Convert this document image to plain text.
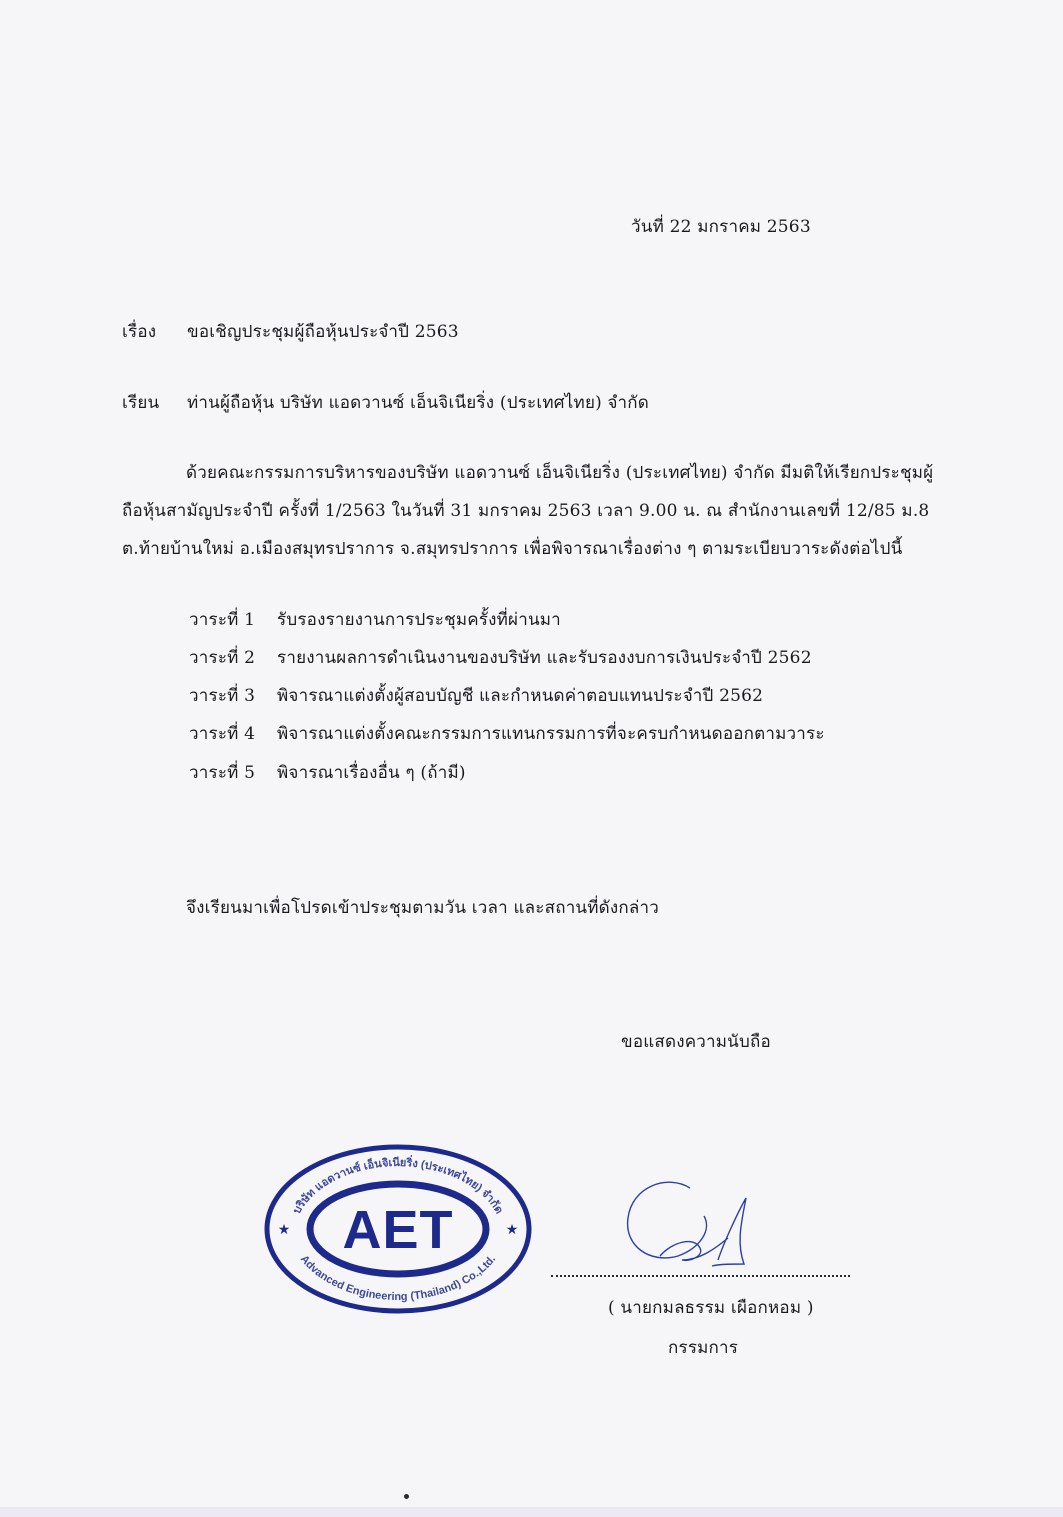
วันที่ 22 มกราคม 2563
เรื่อง ขอเชิญประชุมผู้ถือหุ้นประจำปี 2563
เรียน ท่านผู้ถือหุ้น บริษัท แอดวานซ์ เอ็นจิเนียริ่ง (ประเทศไทย) จำกัด
ด้วยคณะกรรมการบริหารของบริษัท แอดวานซ์ เอ็นจิเนียริ่ง (ประเทศไทย) จำกัด มีมติให้เรียกประชุมผู้
ถือหุ้นสามัญประจำปี ครั้งที่ 1/2563 ในวันที่ 31 มกราคม 2563 เวลา 9.00 น. ณ สำนักงานเลขที่ 12/85 ม.8
ต.ท้ายบ้านใหม่ อ.เมืองสมุทรปราการ จ.สมุทรปราการ เพื่อพิจารณาเรื่องต่าง ๆ ตามระเบียบวาระดังต่อไปนี้
วาระที่ 1 รับรองรายงานการประชุมครั้งที่ผ่านมา
วาระที่ 2 รายงานผลการดำเนินงานของบริษัท และรับรองงบการเงินประจำปี 2562
วาระที่ 3 พิจารณาแต่งตั้งผู้สอบบัญชี และกำหนดค่าตอบแทนประจำปี 2562
วาระที่ 4 พิจารณาแต่งตั้งคณะกรรมการแทนกรรมการที่จะครบกำหนดออกตามวาระ
วาระที่ 5 พิจารณาเรื่องอื่น ๆ (ถ้ามี)
จึงเรียนมาเพื่อโปรดเข้าประชุมตามวัน เวลา และสถานที่ดังกล่าว
ขอแสดงความนับถือ
AET
บริษัท แอดวานซ์ เอ็นจิเนียริ่ง (ประเทศไทย) จำกัด
Advanced Engineering (Thailand) Co.,Ltd.
★	★
( นายกมลธรรม เผือกหอม )
กรรมการ
